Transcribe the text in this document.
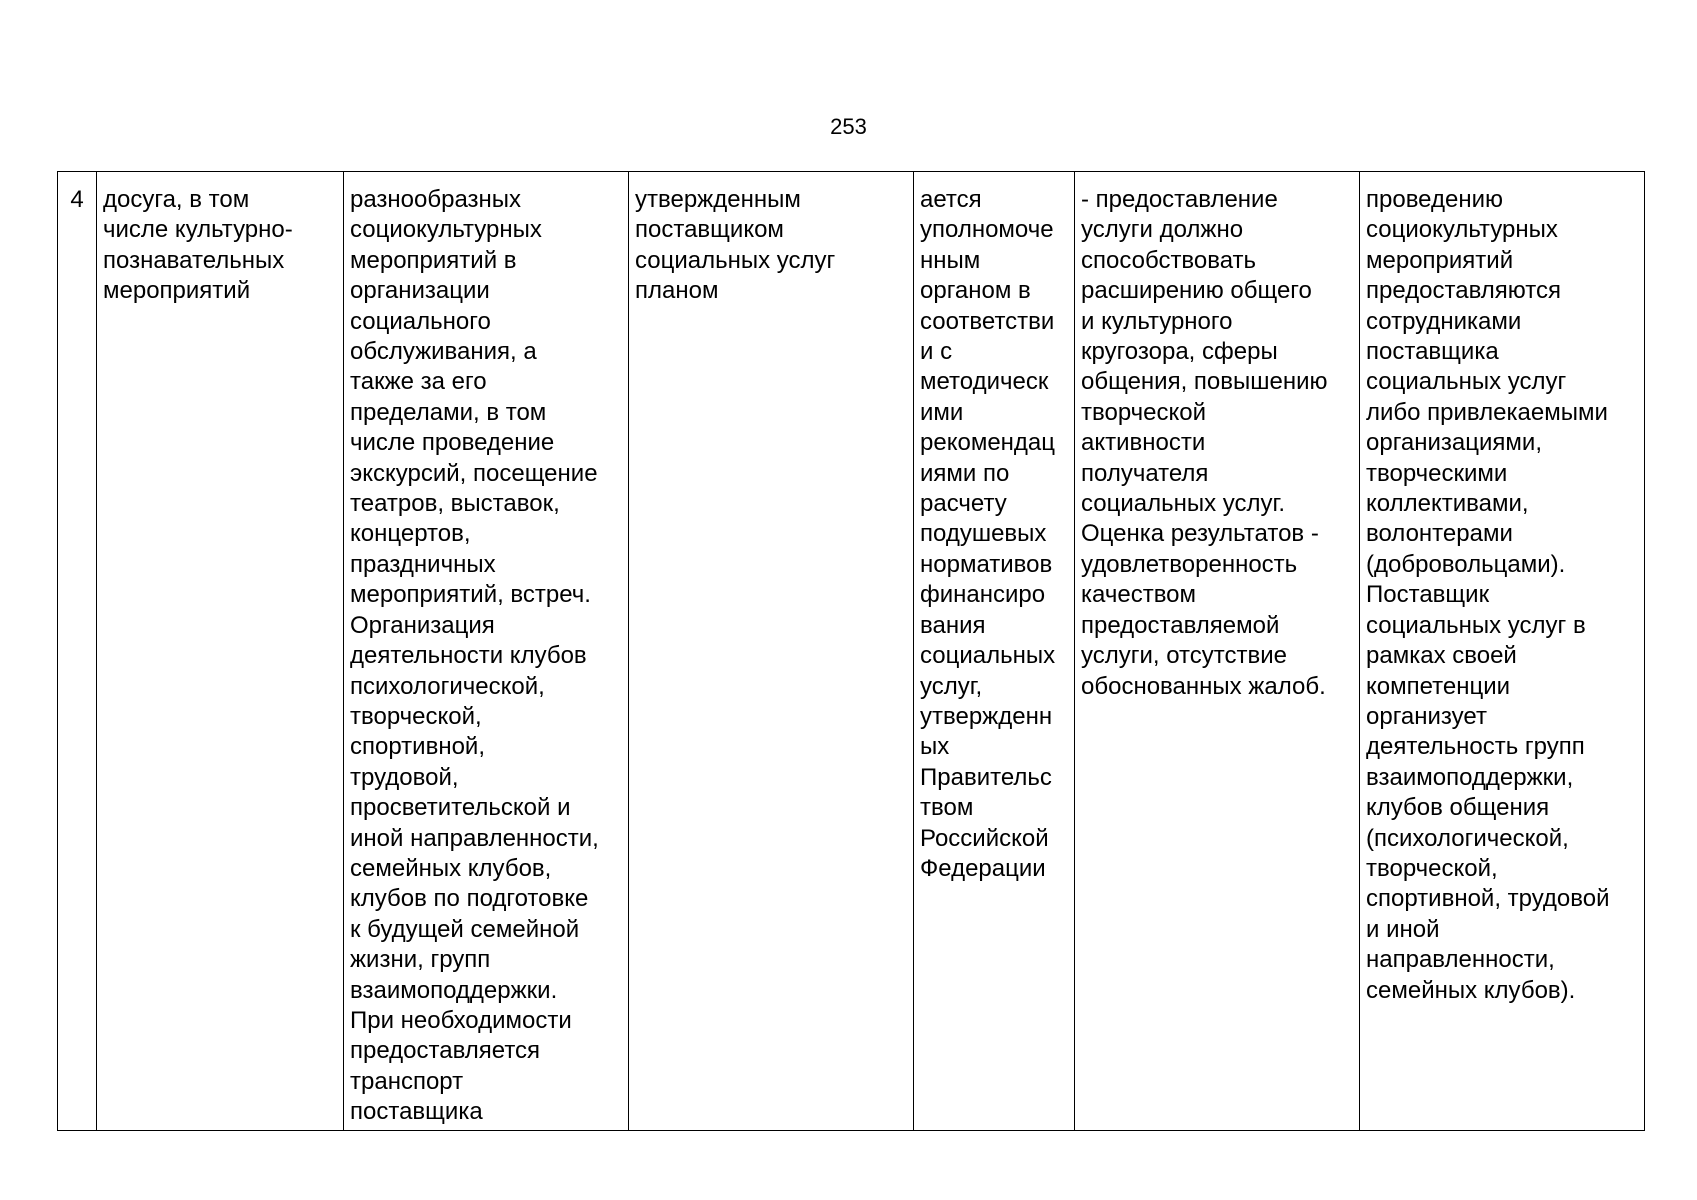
253
4	досуга, в том
числе культурно-
познавательных
мероприятий	разнообразных
социокультурных
мероприятий в
организации
социального
обслуживания, а
также за его
пределами, в том
числе проведение
экскурсий, посещение
театров, выставок,
концертов,
праздничных
мероприятий, встреч.
Организация
деятельности клубов
психологической,
творческой,
спортивной,
трудовой,
просветительской и
иной направленности,
семейных клубов,
клубов по подготовке
к будущей семейной
жизни, групп
взаимоподдержки.
При необходимости
предоставляется
транспорт
поставщика	утвержденным
поставщиком
социальных услуг
планом	ается
уполномоче
нным
органом в
соответстви
и с
методическ
ими
рекомендац
иями по
расчету
подушевых
нормативов
финансиро
вания
социальных
услуг,
утвержденн
ых
Правительс
твом
Российской
Федерации	- предоставление
услуги должно
способствовать
расширению общего
и культурного
кругозора, сферы
общения, повышению
творческой
активности
получателя
социальных услуг.
Оценка результатов -
удовлетворенность
качеством
предоставляемой
услуги, отсутствие
обоснованных жалоб.	проведению
социокультурных
мероприятий
предоставляются
сотрудниками
поставщика
социальных услуг
либо привлекаемыми
организациями,
творческими
коллективами,
волонтерами
(добровольцами).
Поставщик
социальных услуг в
рамках своей
компетенции
организует
деятельность групп
взаимоподдержки,
клубов общения
(психологической,
творческой,
спортивной, трудовой
и иной
направленности,
семейных клубов).
